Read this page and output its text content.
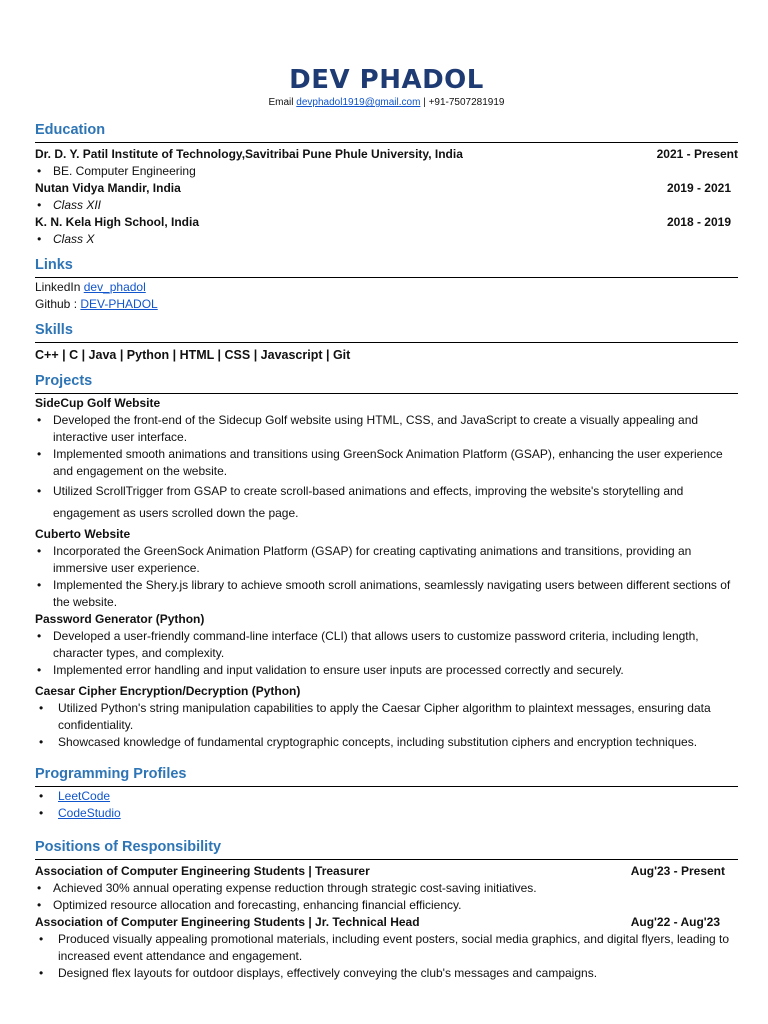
DEV PHADOL
Email devphadol1919@gmail.com | +91-7507281919
Education
Dr. D. Y. Patil Institute of Technology,Savitribai Pune Phule University, India	2021 - Present
• BE. Computer Engineering
Nutan Vidya Mandir, India	2019 - 2021
• Class XII
K. N. Kela High School, India	2018 - 2019
• Class X
Links
LinkedIn dev_phadol
Github : DEV-PHADOL
Skills
C++ | C | Java | Python | HTML | CSS | Javascript | Git
Projects
SideCup Golf Website
• Developed the front-end of the Sidecup Golf website using HTML, CSS, and JavaScript to create a visually appealing and interactive user interface.
• Implemented smooth animations and transitions using GreenSock Animation Platform (GSAP), enhancing the user experience and engagement on the website.
• Utilized ScrollTrigger from GSAP to create scroll-based animations and effects, improving the website's storytelling and engagement as users scrolled down the page.
Cuberto Website
• Incorporated the GreenSock Animation Platform (GSAP) for creating captivating animations and transitions, providing an immersive user experience.
• Implemented the Shery.js library to achieve smooth scroll animations, seamlessly navigating users between different sections of the website.
Password Generator (Python)
• Developed a user-friendly command-line interface (CLI) that allows users to customize password criteria, including length, character types, and complexity.
• Implemented error handling and input validation to ensure user inputs are processed correctly and securely.
Caesar Cipher Encryption/Decryption (Python)
• Utilized Python's string manipulation capabilities to apply the Caesar Cipher algorithm to plaintext messages, ensuring data confidentiality.
• Showcased knowledge of fundamental cryptographic concepts, including substitution ciphers and encryption techniques.
Programming Profiles
• LeetCode
• CodeStudio
Positions of Responsibility
Association of Computer Engineering Students | Treasurer	Aug'23 - Present
• Achieved 30% annual operating expense reduction through strategic cost-saving initiatives.
• Optimized resource allocation and forecasting, enhancing financial efficiency.
Association of Computer Engineering Students | Jr. Technical Head	Aug'22 - Aug'23
• Produced visually appealing promotional materials, including event posters, social media graphics, and digital flyers, leading to increased event attendance and engagement.
• Designed flex layouts for outdoor displays, effectively conveying the club's messages and campaigns.
